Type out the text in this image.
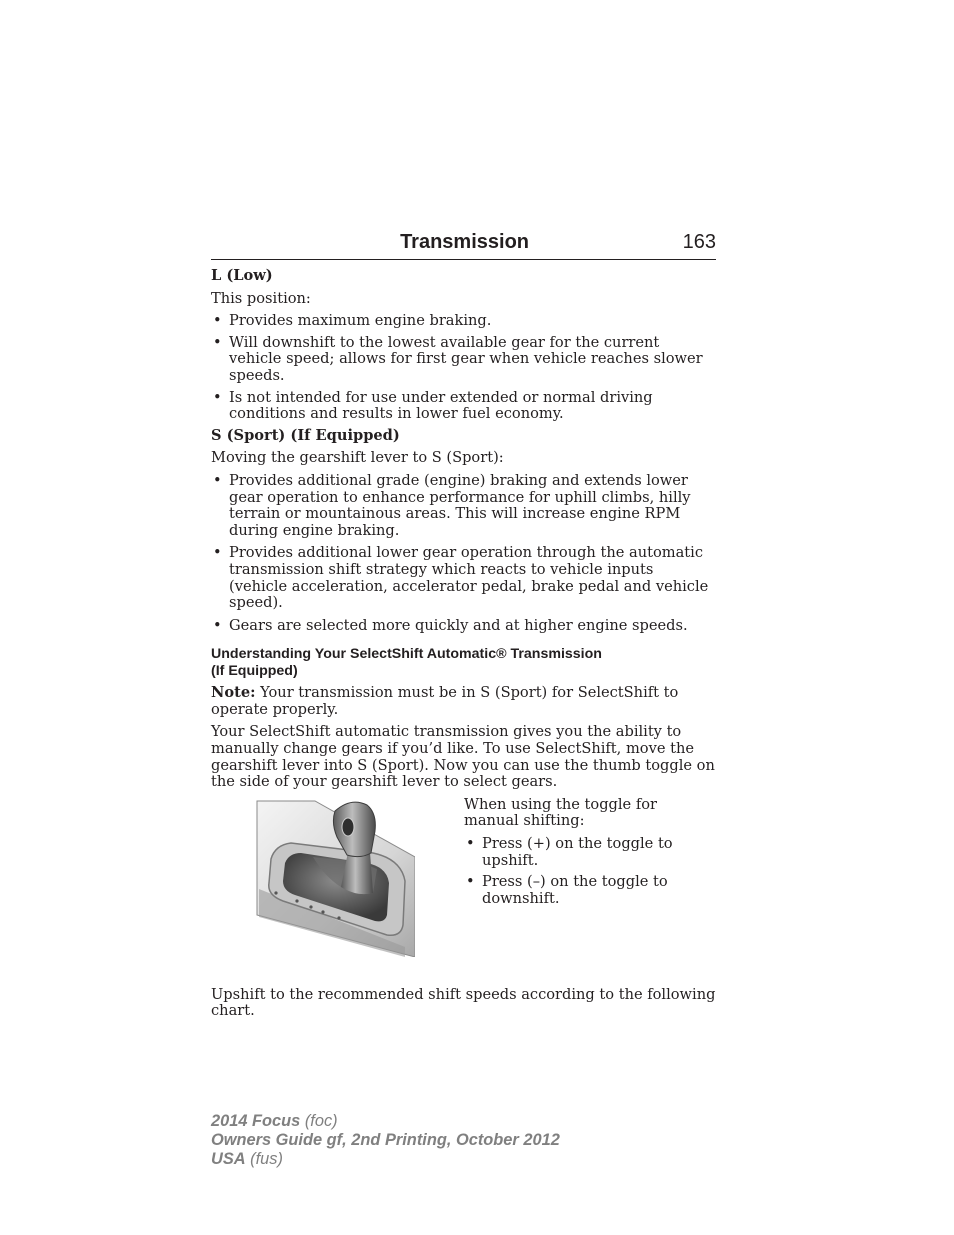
Transmission	163

L (Low)

This position:

• Provides maximum engine braking.
• Will downshift to the lowest available gear for the current vehicle speed; allows for first gear when vehicle reaches slower speeds.
• Is not intended for use under extended or normal driving conditions and results in lower fuel economy.

S (Sport) (If Equipped)

Moving the gearshift lever to S (Sport):

• Provides additional grade (engine) braking and extends lower gear operation to enhance performance for uphill climbs, hilly terrain or mountainous areas. This will increase engine RPM during engine braking.
• Provides additional lower gear operation through the automatic transmission shift strategy which reacts to vehicle inputs (vehicle acceleration, accelerator pedal, brake pedal and vehicle speed).
• Gears are selected more quickly and at higher engine speeds.
Understanding Your SelectShift Automatic® Transmission
(If Equipped)

Note: Your transmission must be in S (Sport) for SelectShift to operate properly.

Your SelectShift automatic transmission gives you the ability to manually change gears if you’d like. To use SelectShift, move the gearshift lever into S (Sport). Now you can use the thumb toggle on the side of your gearshift lever to select gears.

When using the toggle for manual shifting:

• Press (+) on the toggle to upshift.
• Press (–) on the toggle to downshift.

Upshift to the recommended shift speeds according to the following chart.

2014 Focus (foc)
Owners Guide gf, 2nd Printing, October 2012
USA (fus)
